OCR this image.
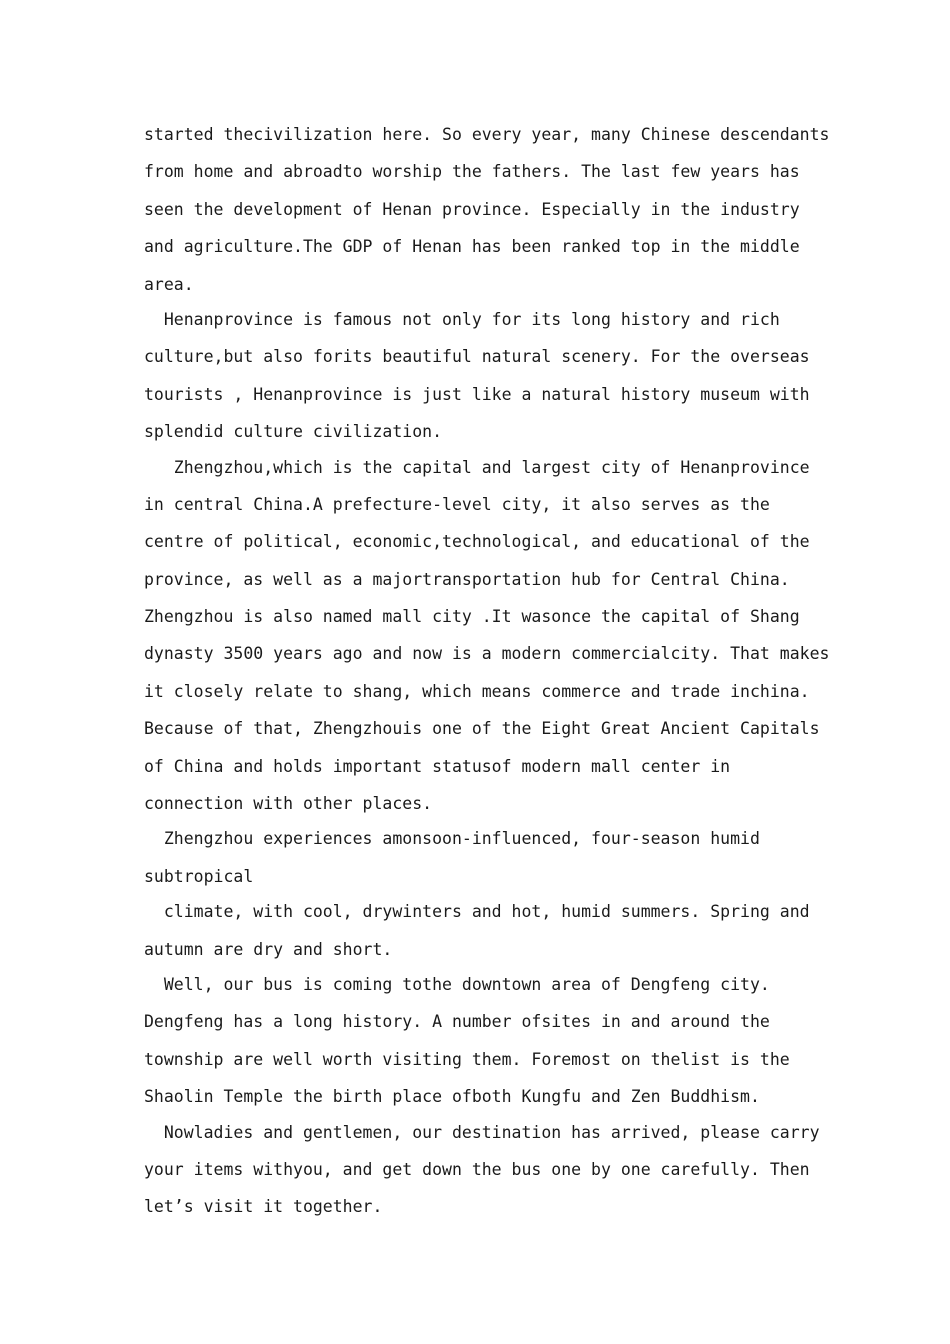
started thecivilization here. So every year, many Chinese descendants
from home and abroadto worship the fathers. The last few years has
seen the development of Henan province. Especially in the industry
and agriculture.The GDP of Henan has been ranked top in the middle
area.
Henanprovince is famous not only for its long history and rich
culture,but also forits beautiful natural scenery. For the overseas
tourists , Henanprovince is just like a natural history museum with
splendid culture civilization.
Zhengzhou,which is the capital and largest city of Henanprovince
in central China.A prefecture-level city, it also serves as the
centre of political, economic,technological, and educational of the
province, as well as a majortransportation hub for Central China.
Zhengzhou is also named mall city .It wasonce the capital of Shang
dynasty 3500 years ago and now is a modern commercialcity. That makes
it closely relate to shang, which means commerce and trade inchina.
Because of that, Zhengzhouis one of the Eight Great Ancient Capitals
of China and holds important statusof modern mall center in
connection with other places.
Zhengzhou experiences amonsoon-influenced, four-season humid
subtropical
climate, with cool, drywinters and hot, humid summers. Spring and
autumn are dry and short.
Well, our bus is coming tothe downtown area of Dengfeng city.
Dengfeng has a long history. A number ofsites in and around the
township are well worth visiting them. Foremost on thelist is the
Shaolin Temple the birth place ofboth Kungfu and Zen Buddhism.
Nowladies and gentlemen, our destination has arrived, please carry
your items withyou, and get down the bus one by one carefully. Then
let’s visit it together.
